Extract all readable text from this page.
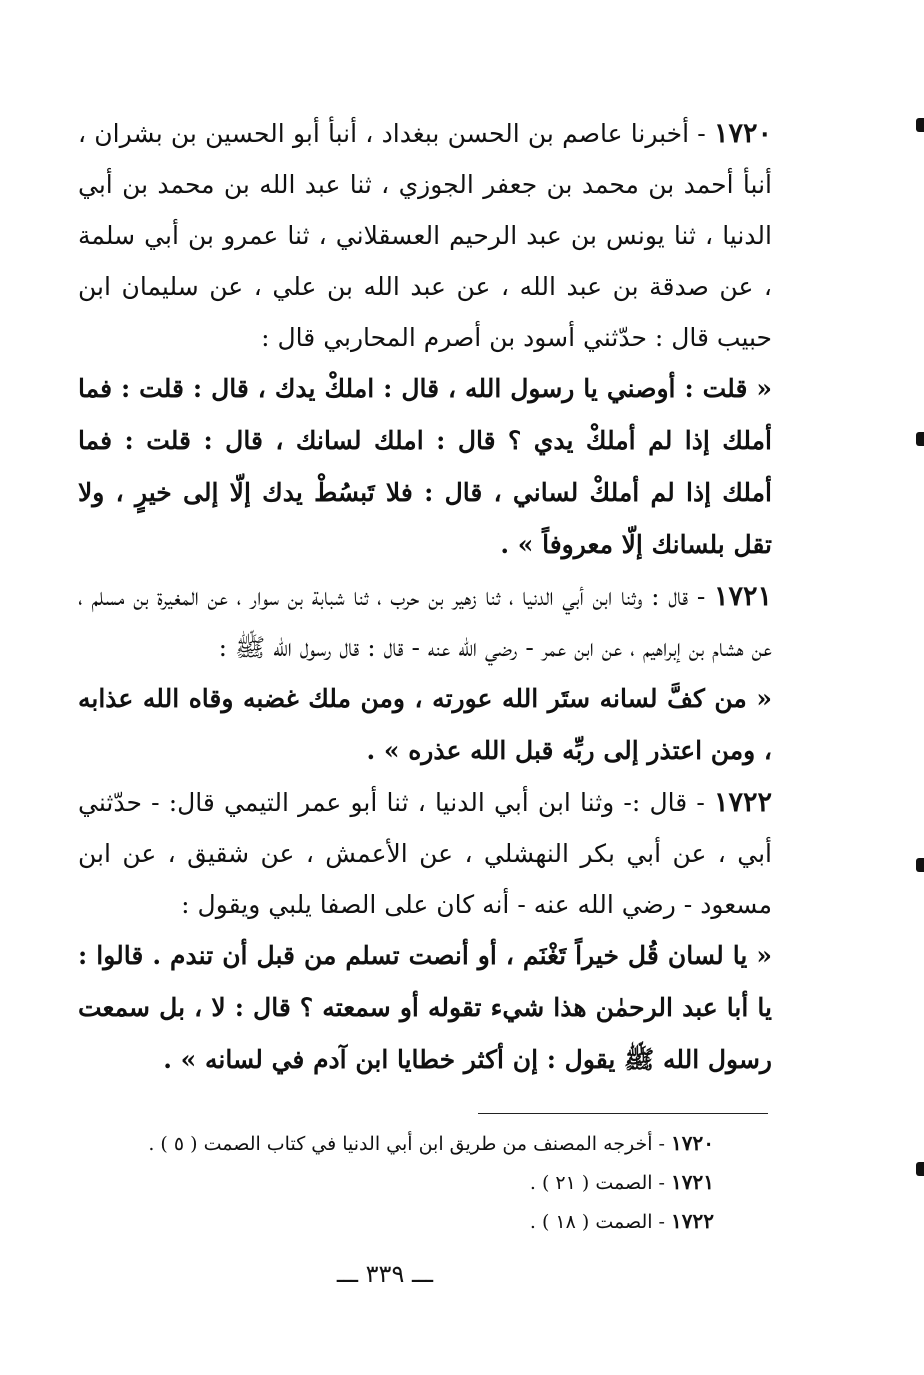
١٧٢٠ - أخبرنا عاصم بن الحسن ببغداد ، أنبأ أبو الحسين بن بشران ، أنبأ أحمد بن محمد بن جعفر الجوزي ، ثنا عبد الله بن محمد بن أبي الدنيا ، ثنا يونس بن عبد الرحيم العسقلاني ، ثنا عمرو بن أبي سلمة ، عن صدقة بن عبد الله ، عن عبد الله بن علي ، عن سليمان ابن حبيب قال : حدّثني أسود بن أصرم المحاربي قال :

« قلت : أوصني يا رسول الله ، قال : املكْ يدك ، قال : قلت : فما أملك إذا لم أملكْ يدي ؟ قال : املك لسانك ، قال : قلت : فما أملك إذا لم أملكْ لساني ، قال : فلا تَبسُطْ يدك إلّا إلى خيرٍ ، ولا تقل بلسانك إلّا معروفاً » .

١٧٢١ - قال : وثنا ابن أبي الدنيا ، ثنا زهير بن حرب ، ثنا شبابة بن سوار ، عن المغيرة بن مسلم ، عن هشام بن إبراهيم ، عن ابن عمر - رضي الله عنه - قال : قال رسول الله ﷺ :

« من كفَّ لسانه ستَر الله عورته ، ومن ملك غضبه وقاه الله عذابه ، ومن اعتذر إلى ربِّه قبل الله عذره » .

١٧٢٢ - قال :- وثنا ابن أبي الدنيا ، ثنا أبو عمر التيمي قال: - حدّثني أبي ، عن أبي بكر النهشلي ، عن الأعمش ، عن شقيق ، عن ابن مسعود - رضي الله عنه - أنه كان على الصفا يلبي ويقول :

« يا لسان قُل خيراً تَغْنَم ، أو أنصت تسلم من قبل أن تندم . قالوا : يا أبا عبد الرحمٰن هذا شيء تقوله أو سمعته ؟ قال : لا ، بل سمعت رسول الله ﷺ يقول : إن أكثر خطايا ابن آدم في لسانه » .

١٧٢٠ - أخرجه المصنف من طريق ابن أبي الدنيا في كتاب الصمت ( ٥ ) .

١٧٢١ - الصمت ( ٢١ ) .

١٧٢٢ - الصمت ( ١٨ ) .

ـــ ٣٣٩ ـــ
